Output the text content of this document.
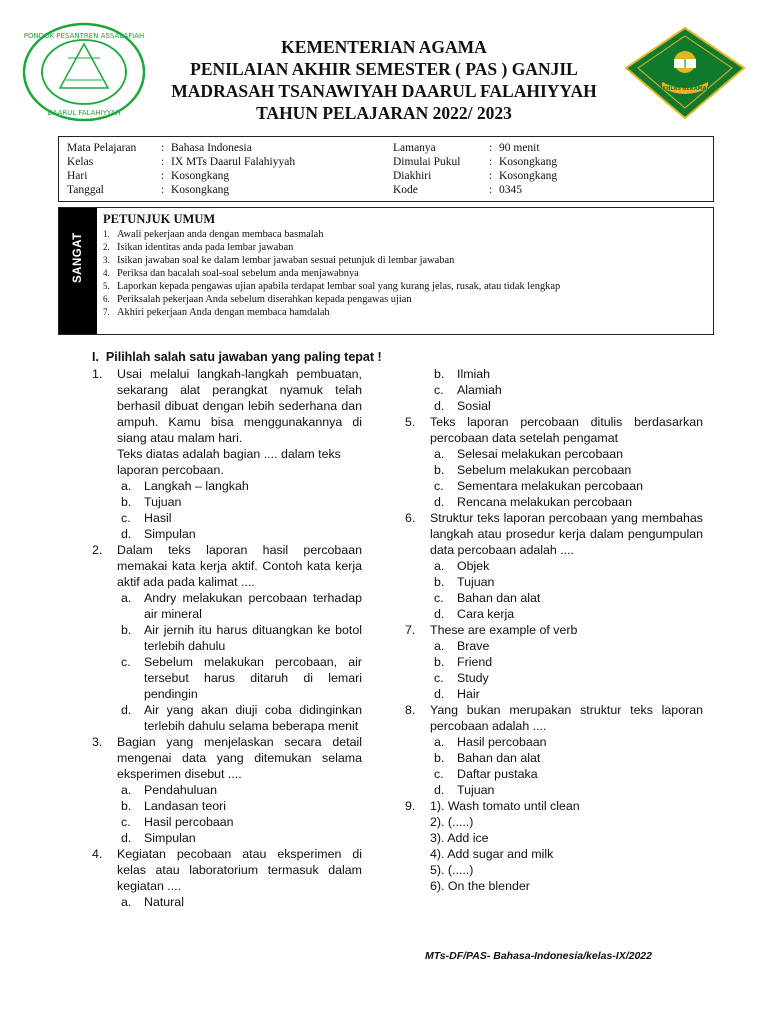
PONDOK PESANTREN ASSALAFIAH
DAARUL FALAHIYYAH
KEMENTERIAN AGAMA
PENILAIAN AKHIR SEMESTER ( PAS ) GANJIL
MADRASAH TSANAWIYAH DAARUL FALAHIYYAH
TAHUN PELAJARAN 2022/ 2023
IKHLAS BERAMAL
Mata Pelajaran : Bahasa Indonesia	Lamanya	: 90 menit
Kelas	: IX MTs Daarul Falahiyyah	Dimulai Pukul : Kosongkang
Hari	: Kosongkang	Diakhiri	: Kosongkang
Tanggal	: Kosongkang	Kode	: 0345
SANGAT
PETUNJUK UMUM
1. Awali pekerjaan anda dengan membaca basmalah
2. Isikan identitas anda pada lembar jawaban
3. Isikan jawaban soal ke dalam lembar jawaban sesuai petunjuk di lembar jawaban
4. Periksa dan bacalah soal-soal sebelum anda menjawabnya
5. Laporkan kepada pengawas ujian apabila terdapat lembar soal yang kurang jelas, rusak, atau tidak lengkap
6. Periksalah pekerjaan Anda sebelum diserahkan kepada pengawas ujian
7. Akhiri pekerjaan Anda dengan membaca hamdalah
I. Pilihlah salah satu jawaban yang paling tepat !
1. Usai melalui langkah-langkah pembuatan, sekarang alat perangkat nyamuk telah berhasil dibuat dengan lebih sederhana dan ampuh. Kamu bisa menggunakannya di siang atau malam hari.
Teks diatas adalah bagian .... dalam teks laporan percobaan.
a. Langkah – langkah
b. Tujuan
c. Hasil
d. Simpulan
2. Dalam teks laporan hasil percobaan memakai kata kerja aktif. Contoh kata kerja aktif ada pada kalimat ....
a. Andry melakukan percobaan terhadap air mineral
b. Air jernih itu harus dituangkan ke botol terlebih dahulu
c. Sebelum melakukan percobaan, air tersebut harus ditaruh di lemari pendingin
d. Air yang akan diuji coba didinginkan terlebih dahulu selama beberapa menit
3. Bagian yang menjelaskan secara detail mengenai data yang ditemukan selama eksperimen disebut ....
a. Pendahuluan
b. Landasan teori
c. Hasil percobaan
d. Simpulan
4. Kegiatan pecobaan atau eksperimen di kelas atau laboratorium termasuk dalam kegiatan ....
a. Natural
b. Ilmiah
c. Alamiah
d. Sosial
5. Teks laporan percobaan ditulis berdasarkan percobaan data setelah pengamat
a. Selesai melakukan percobaan
b. Sebelum melakukan percobaan
c. Sementara melakukan percobaan
d. Rencana melakukan percobaan
6. Struktur teks laporan percobaan yang membahas langkah atau prosedur kerja dalam pengumpulan data percobaan adalah ....
a. Objek
b. Tujuan
c. Bahan dan alat
d. Cara kerja
7. These are example of verb
a. Brave
b. Friend
c. Study
d. Hair
8. Yang bukan merupakan struktur teks laporan percobaan adalah ....
a. Hasil percobaan
b. Bahan dan alat
c. Daftar pustaka
d. Tujuan
9. 1). Wash tomato until clean
2). (.....)
3). Add ice
4). Add sugar and milk
5). (.....)
6). On the blender
MTs-DF/PAS- Bahasa-Indonesia/kelas-IX/2022
